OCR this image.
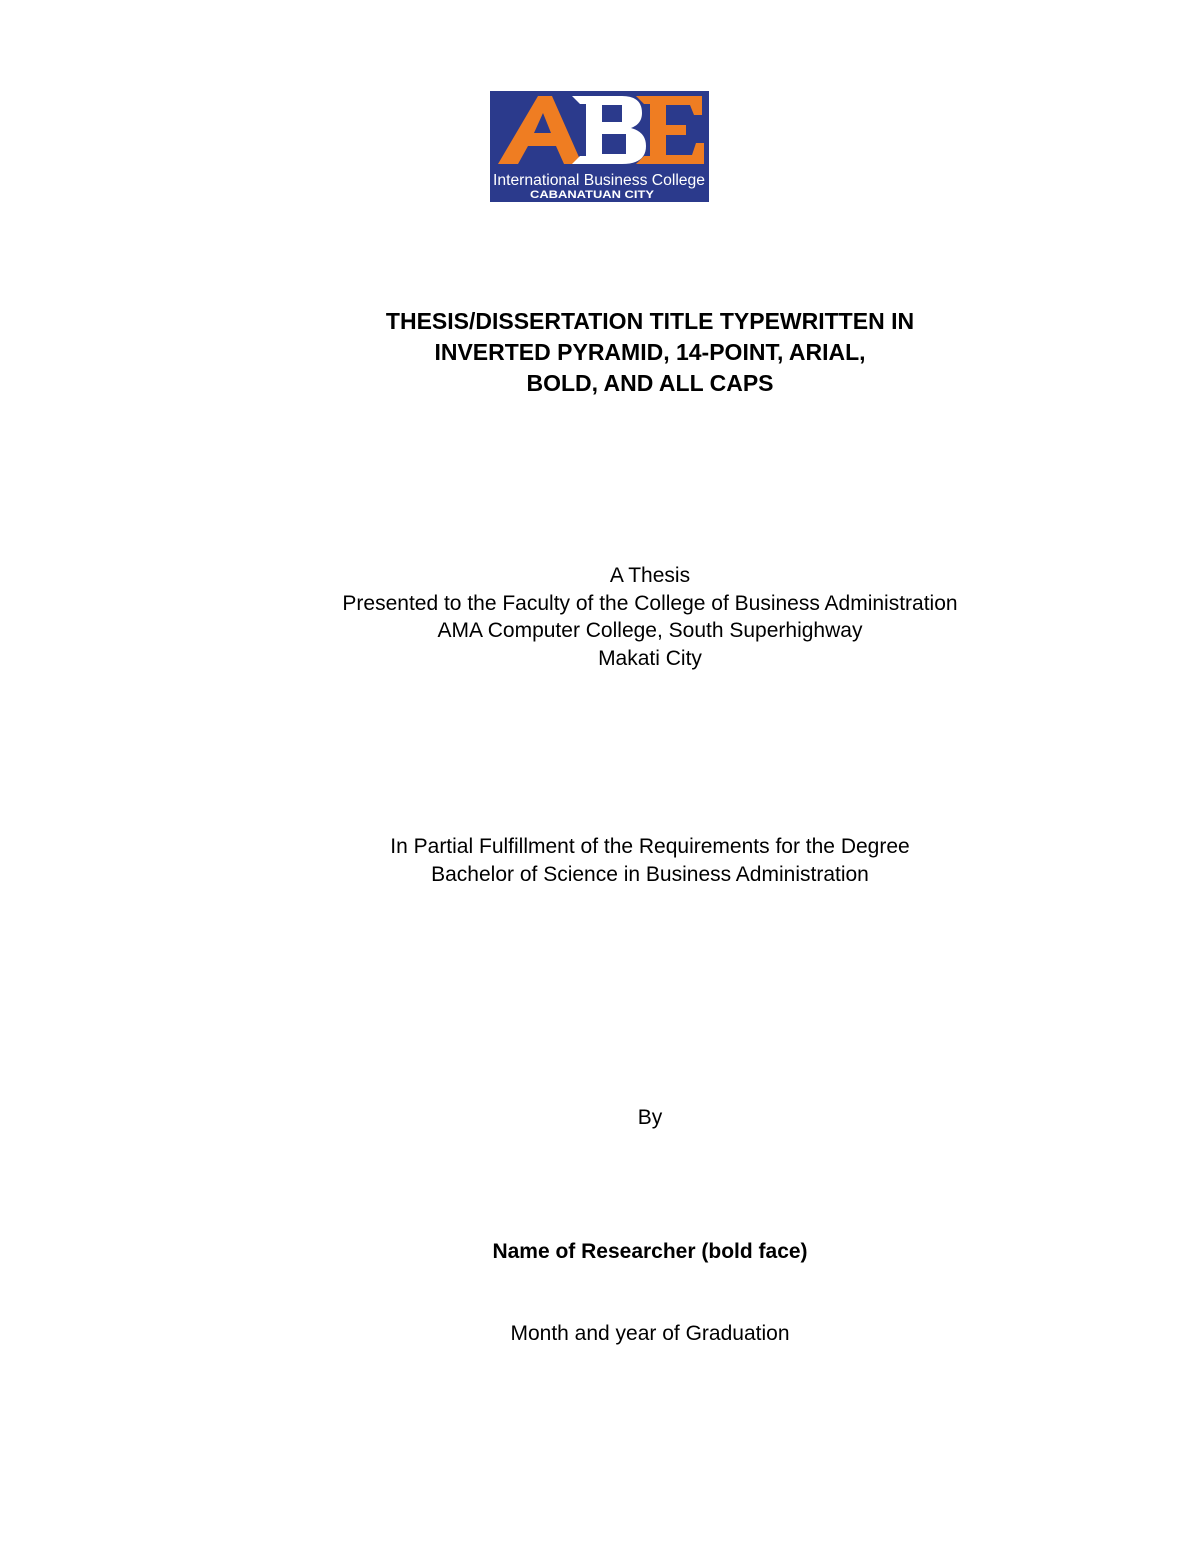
International Business College
CABANATUAN CITY
THESIS/DISSERTATION TITLE TYPEWRITTEN IN
INVERTED PYRAMID, 14-POINT, ARIAL,
BOLD, AND ALL CAPS
A Thesis
Presented to the Faculty of the College of Business Administration
AMA Computer College, South Superhighway
Makati City
In Partial Fulfillment of the Requirements for the Degree
Bachelor of Science in Business Administration
By
Name of Researcher (bold face)
Month and year of Graduation
